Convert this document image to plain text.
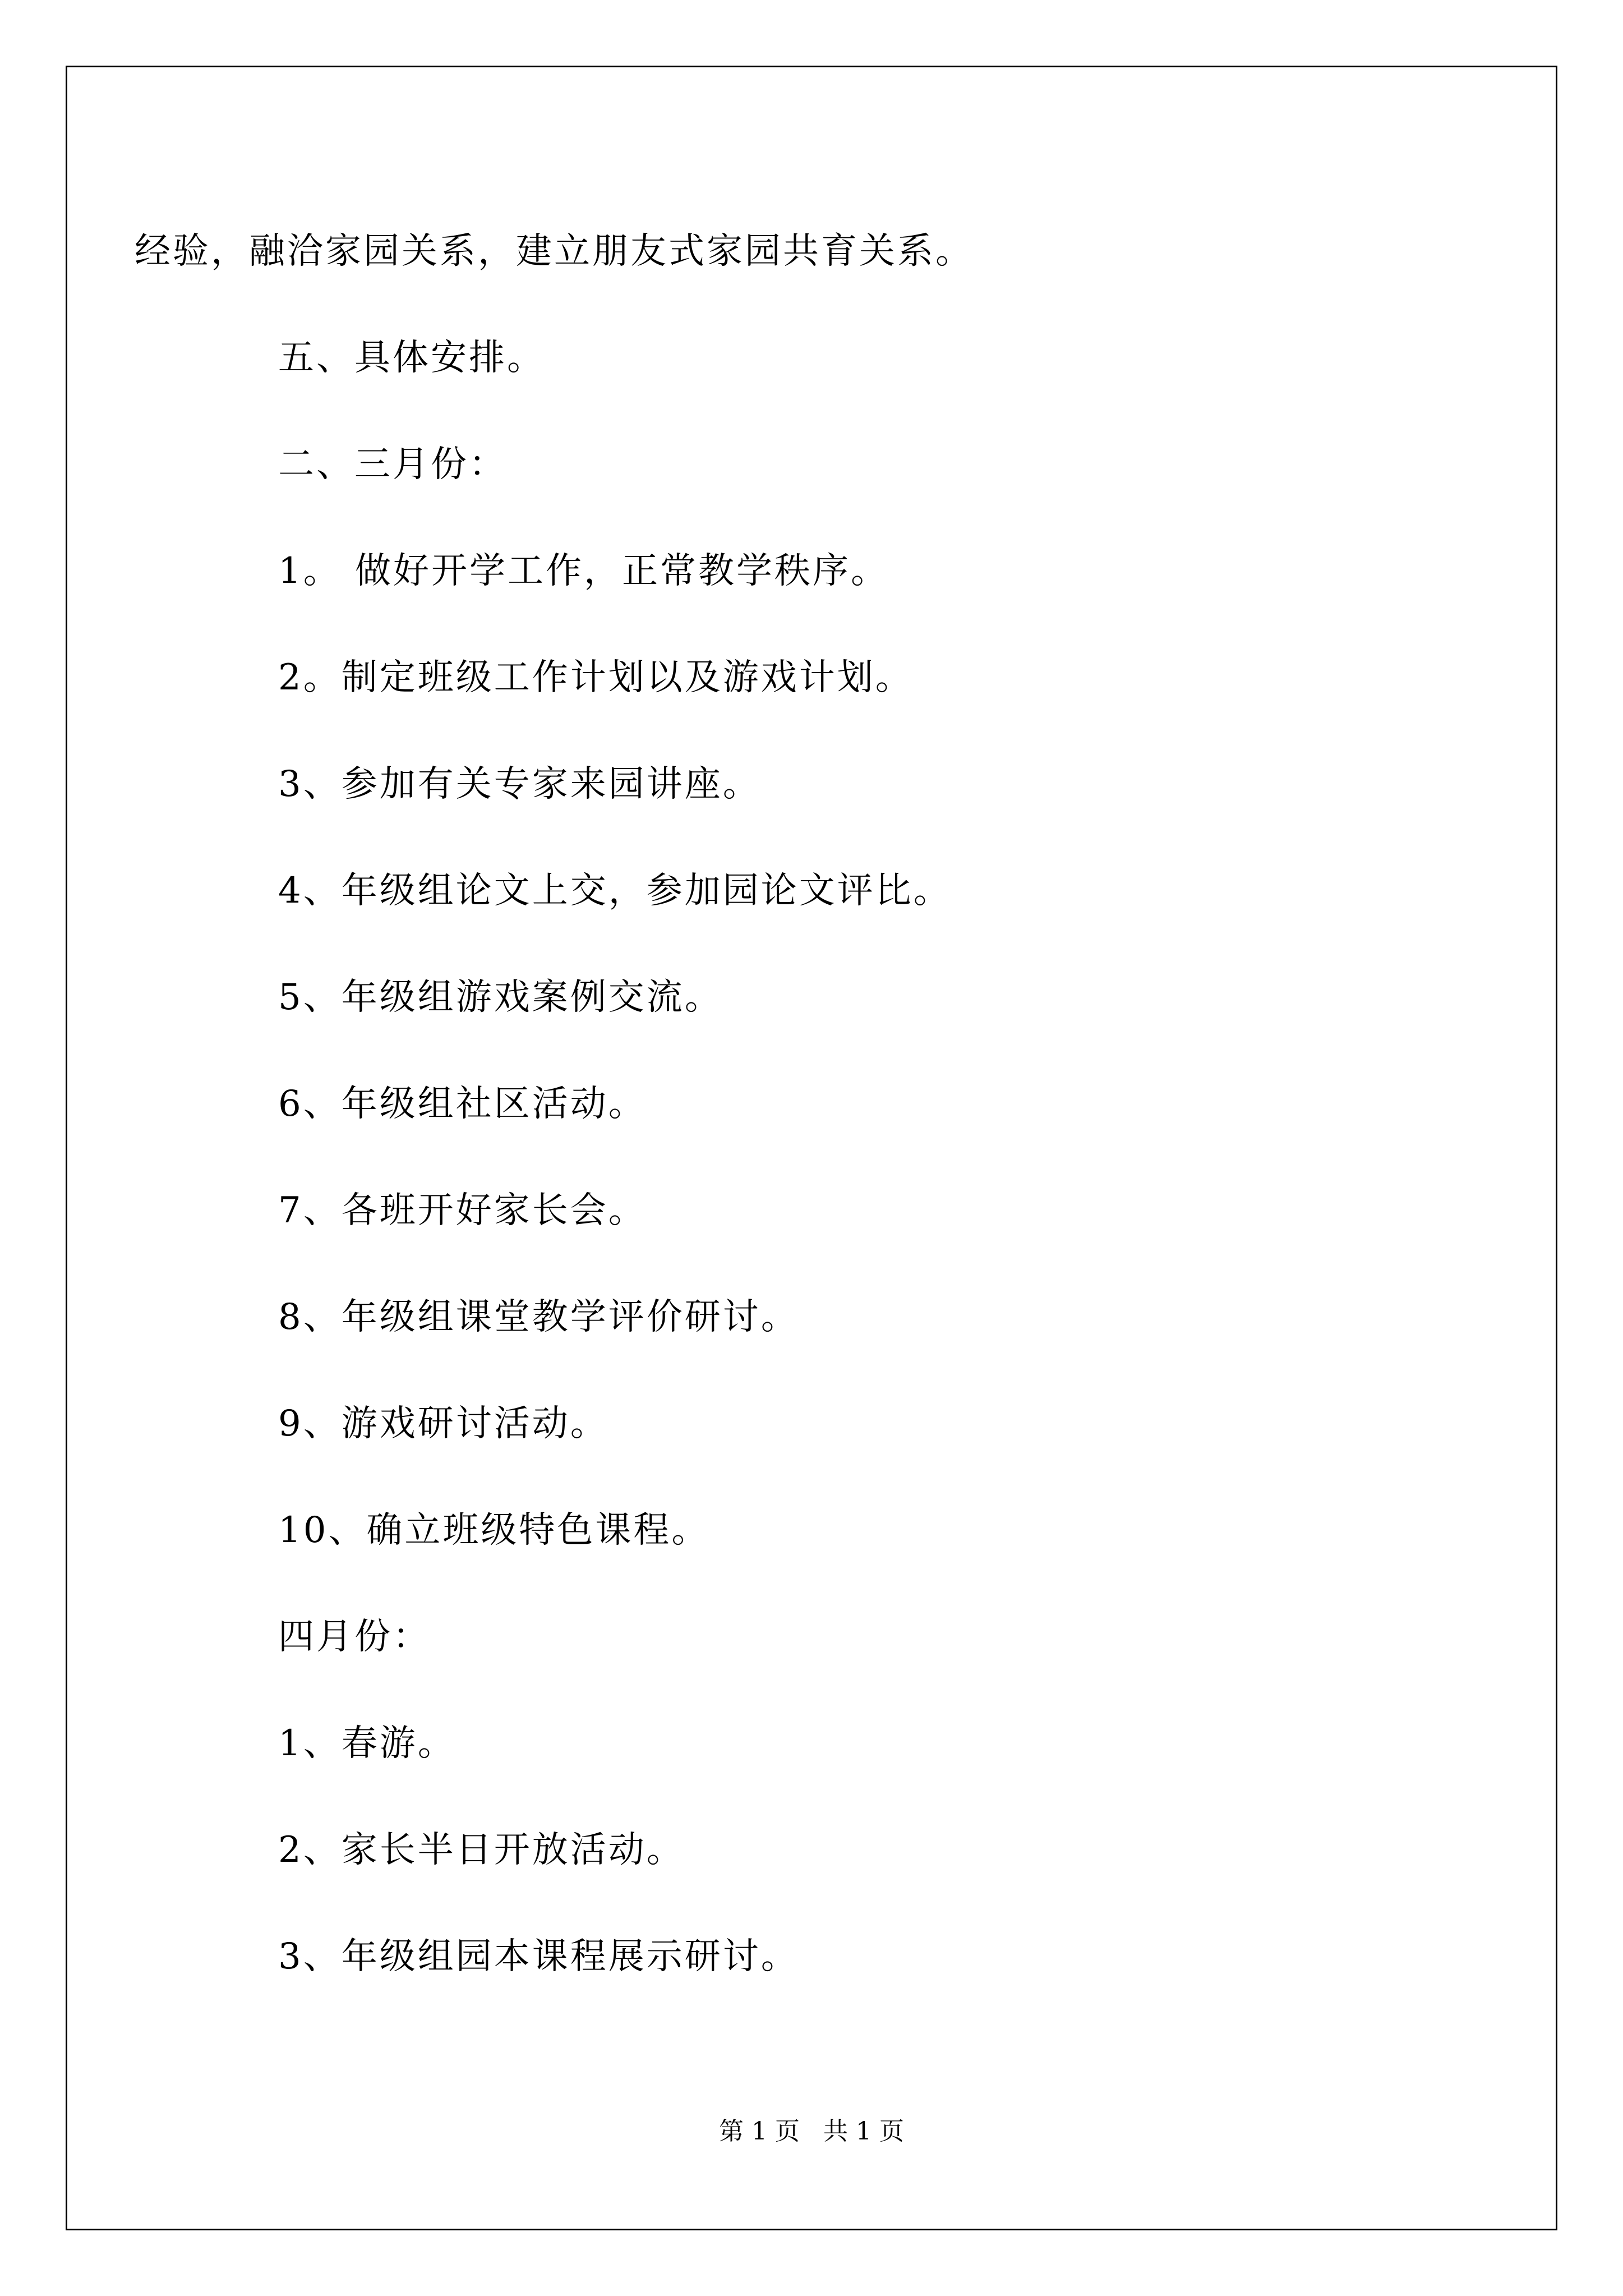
经验，融洽家园关系，建立朋友式家园共育关系。

五、具体安排。

二、三月份：

1。 做好开学工作，正常教学秩序。

2。制定班级工作计划以及游戏计划。

3、参加有关专家来园讲座。

4、年级组论文上交，参加园论文评比。

5、年级组游戏案例交流。

6、年级组社区活动。

7、各班开好家长会。

8、年级组课堂教学评价研讨。

9、游戏研讨活动。

10、确立班级特色课程。

四月份：

1、春游。

2、家长半日开放活动。

3、年级组园本课程展示研讨。

第 1 页   共 1 页
